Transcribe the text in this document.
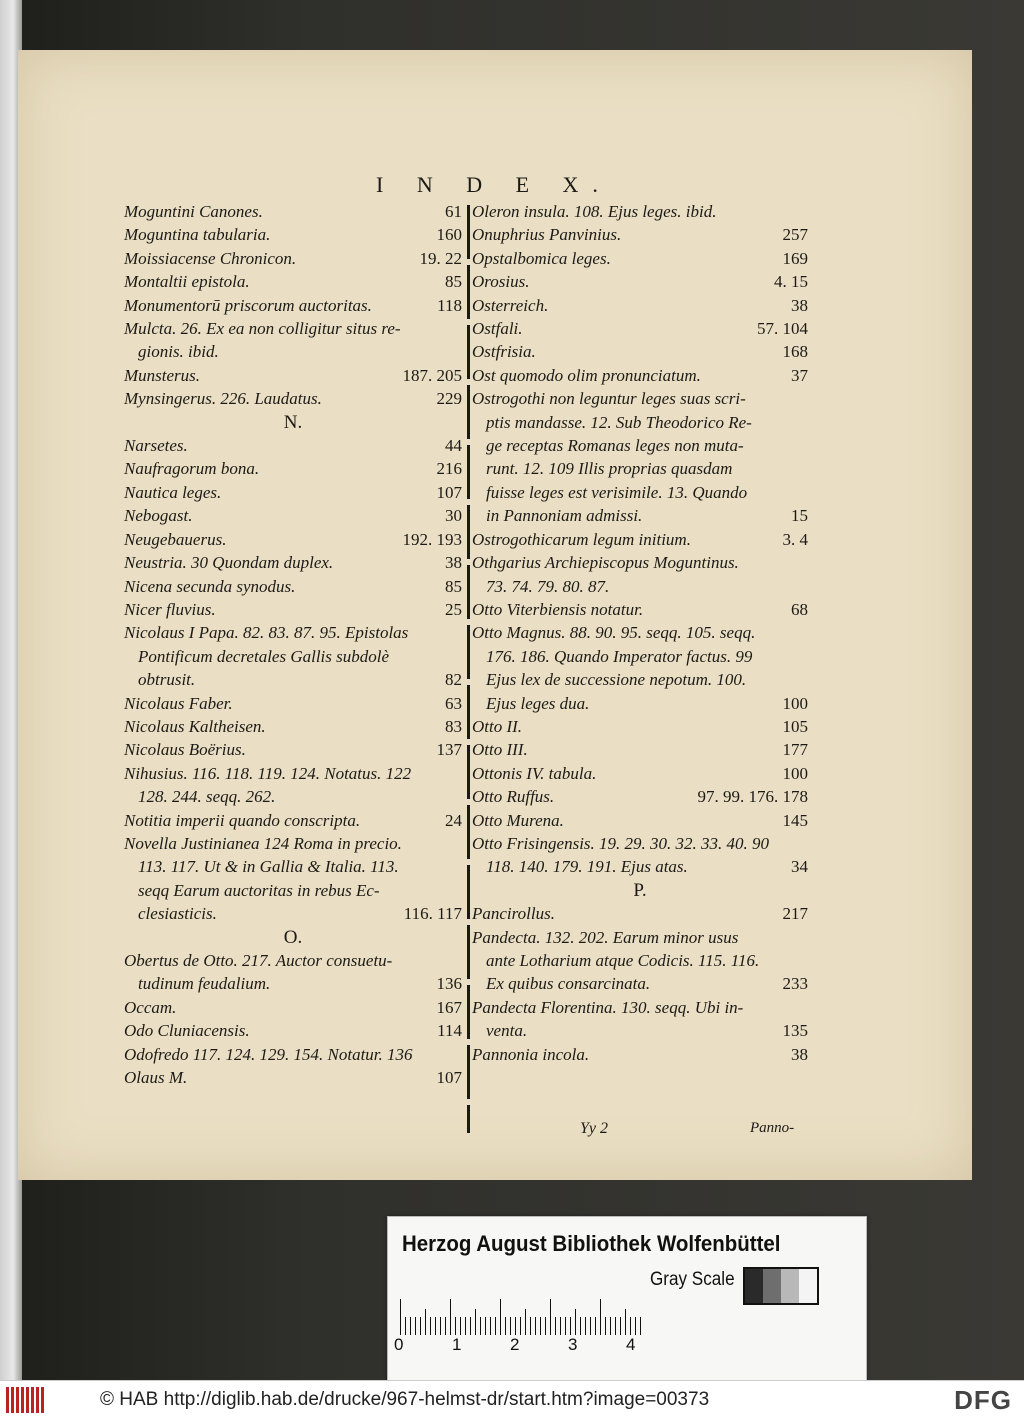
I N D E X.
Moguntini Canones.	61
Moguntina tabularia.	160
Moissiacense Chronicon.	19. 22
Montaltii epistola.	85
Monumentorū priscorum auctoritas.	118
Mulcta. 26. Ex ea non colligitur situs re-
gionis. ibid.
Munsterus.	187. 205
Mynsingerus. 226. Laudatus.	229
N.
Narsetes.	44
Naufragorum bona.	216
Nautica leges.	107
Nebogast.	30
Neugebauerus.	192. 193
Neustria. 30 Quondam duplex.	38
Nicena secunda synodus.	85
Nicer fluvius.	25
Nicolaus I Papa. 82. 83. 87. 95. Epistolas
Pontificum decretales Gallis subdolè
obtrusit.	82
Nicolaus Faber.	63
Nicolaus Kaltheisen.	83
Nicolaus Boërius.	137
Nihusius. 116. 118. 119. 124. Notatus. 122
128. 244. seqq. 262.
Notitia imperii quando conscripta.	24
Novella Justinianea 124 Roma in precio.
113. 117. Ut & in Gallia & Italia. 113.
seqq Earum auctoritas in rebus Ec-
clesiasticis.	116. 117
O.
Obertus de Otto. 217. Auctor consuetu-
tudinum feudalium.	136
Occam.	167
Odo Cluniacensis.	114
Odofredo 117. 124. 129. 154. Notatur. 136
Olaus M.	107
Oleron insula. 108. Ejus leges. ibid.
Onuphrius Panvinius.	257
Opstalbomica leges.	169
Orosius.	4. 15
Osterreich.	38
Ostfali.	57. 104
Ostfrisia.	168
Ost quomodo olim pronunciatum.	37
Ostrogothi non leguntur leges suas scri-
ptis mandasse. 12. Sub Theodorico Re-
ge receptas Romanas leges non muta-
runt. 12. 109 Illis proprias quasdam
fuisse leges est verisimile. 13. Quando
in Pannoniam admissi.	15
Ostrogothicarum legum initium.	3. 4
Othgarius Archiepiscopus Moguntinus.
73. 74. 79. 80. 87.
Otto Viterbiensis notatur.	68
Otto Magnus. 88. 90. 95. seqq. 105. seqq.
176. 186. Quando Imperator factus. 99
Ejus lex de successione nepotum. 100.
Ejus leges dua.	100
Otto II.	105
Otto III.	177
Ottonis IV. tabula.	100
Otto Ruffus.	97. 99. 176. 178
Otto Murena.	145
Otto Frisingensis. 19. 29. 30. 32. 33. 40. 90
118. 140. 179. 191. Ejus atas.	34
P.
Pancirollus.	217
Pandecta. 132. 202. Earum minor usus
ante Lotharium atque Codicis. 115. 116.
Ex quibus consarcinata.	233
Pandecta Florentina. 130. seqq. Ubi in-
venta.	135
Pannonia incola.	38
Yy 2	Panno-
Herzog August Bibliothek Wolfenbüttel
0	1	2	3	4
Gray Scale
© HAB http://diglib.hab.de/drucke/967-helmst-dr/start.htm?image=00373	DFG
